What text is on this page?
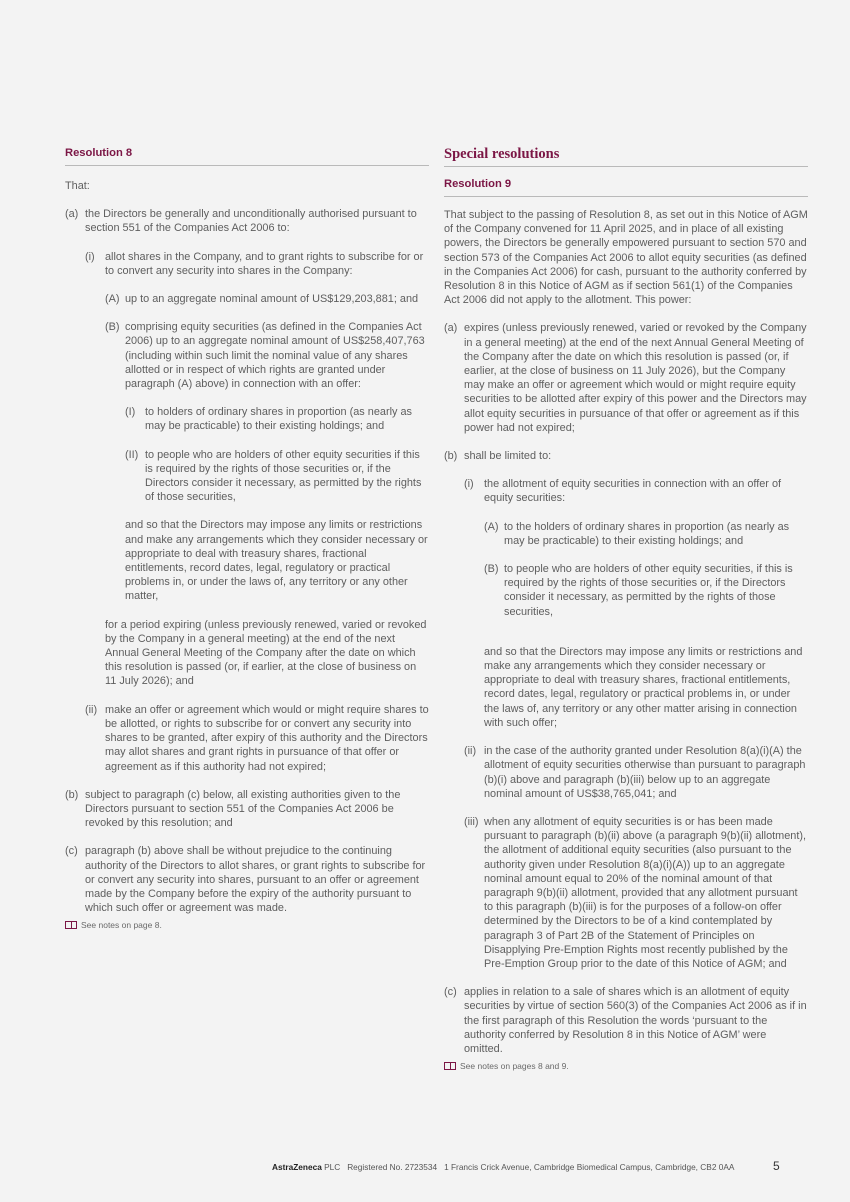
Resolution 8

That:

(a) the Directors be generally and unconditionally authorised pursuant to section 551 of the Companies Act 2006 to:

(i) allot shares in the Company, and to grant rights to subscribe for or to convert any security into shares in the Company:

(A) up to an aggregate nominal amount of US$129,203,881; and

(B) comprising equity securities (as defined in the Companies Act 2006) up to an aggregate nominal amount of US$258,407,763 (including within such limit the nominal value of any shares allotted or in respect of which rights are granted under paragraph (A) above) in connection with an offer:

(I) to holders of ordinary shares in proportion (as nearly as may be practicable) to their existing holdings; and

(II) to people who are holders of other equity securities if this is required by the rights of those securities or, if the Directors consider it necessary, as permitted by the rights of those securities,

and so that the Directors may impose any limits or restrictions and make any arrangements which they consider necessary or appropriate to deal with treasury shares, fractional entitlements, record dates, legal, regulatory or practical problems in, or under the laws of, any territory or any other matter,

for a period expiring (unless previously renewed, varied or revoked by the Company in a general meeting) at the end of the next Annual General Meeting of the Company after the date on which this resolution is passed (or, if earlier, at the close of business on 11 July 2026); and

(ii) make an offer or agreement which would or might require shares to be allotted, or rights to subscribe for or convert any security into shares to be granted, after expiry of this authority and the Directors may allot shares and grant rights in pursuance of that offer or agreement as if this authority had not expired;

(b) subject to paragraph (c) below, all existing authorities given to the Directors pursuant to section 551 of the Companies Act 2006 be revoked by this resolution; and

(c) paragraph (b) above shall be without prejudice to the continuing authority of the Directors to allot shares, or grant rights to subscribe for or convert any security into shares, pursuant to an offer or agreement made by the Company before the expiry of the authority pursuant to which such offer or agreement was made.

See notes on page 8.
Special resolutions
Resolution 9

That subject to the passing of Resolution 8, as set out in this Notice of AGM of the Company convened for 11 April 2025, and in place of all existing powers, the Directors be generally empowered pursuant to section 570 and section 573 of the Companies Act 2006 to allot equity securities (as defined in the Companies Act 2006) for cash, pursuant to the authority conferred by Resolution 8 in this Notice of AGM as if section 561(1) of the Companies Act 2006 did not apply to the allotment. This power:

(a) expires (unless previously renewed, varied or revoked by the Company in a general meeting) at the end of the next Annual General Meeting of the Company after the date on which this resolution is passed (or, if earlier, at the close of business on 11 July 2026), but the Company may make an offer or agreement which would or might require equity securities to be allotted after expiry of this power and the Directors may allot equity securities in pursuance of that offer or agreement as if this power had not expired;

(b) shall be limited to:

(i) the allotment of equity securities in connection with an offer of equity securities:

(A) to the holders of ordinary shares in proportion (as nearly as may be practicable) to their existing holdings; and

(B) to people who are holders of other equity securities, if this is required by the rights of those securities or, if the Directors consider it necessary, as permitted by the rights of those securities,

and so that the Directors may impose any limits or restrictions and make any arrangements which they consider necessary or appropriate to deal with treasury shares, fractional entitlements, record dates, legal, regulatory or practical problems in, or under the laws of, any territory or any other matter arising in connection with such offer;

(ii) in the case of the authority granted under Resolution 8(a)(i)(A) the allotment of equity securities otherwise than pursuant to paragraph (b)(i) above and paragraph (b)(iii) below up to an aggregate nominal amount of US$38,765,041; and

(iii) when any allotment of equity securities is or has been made pursuant to paragraph (b)(ii) above (a paragraph 9(b)(ii) allotment), the allotment of additional equity securities (also pursuant to the authority given under Resolution 8(a)(i)(A)) up to an aggregate nominal amount equal to 20% of the nominal amount of that paragraph 9(b)(ii) allotment, provided that any allotment pursuant to this paragraph (b)(iii) is for the purposes of a follow-on offer determined by the Directors to be of a kind contemplated by paragraph 3 of Part 2B of the Statement of Principles on Disapplying Pre-Emption Rights most recently published by the Pre-Emption Group prior to the date of this Notice of AGM; and

(c) applies in relation to a sale of shares which is an allotment of equity securities by virtue of section 560(3) of the Companies Act 2006 as if in the first paragraph of this Resolution the words ‘pursuant to the authority conferred by Resolution 8 in this Notice of AGM’ were omitted.

See notes on pages 8 and 9.
AstraZeneca PLC Registered No. 2723534 1 Francis Crick Avenue, Cambridge Biomedical Campus, Cambridge, CB2 0AA	5
